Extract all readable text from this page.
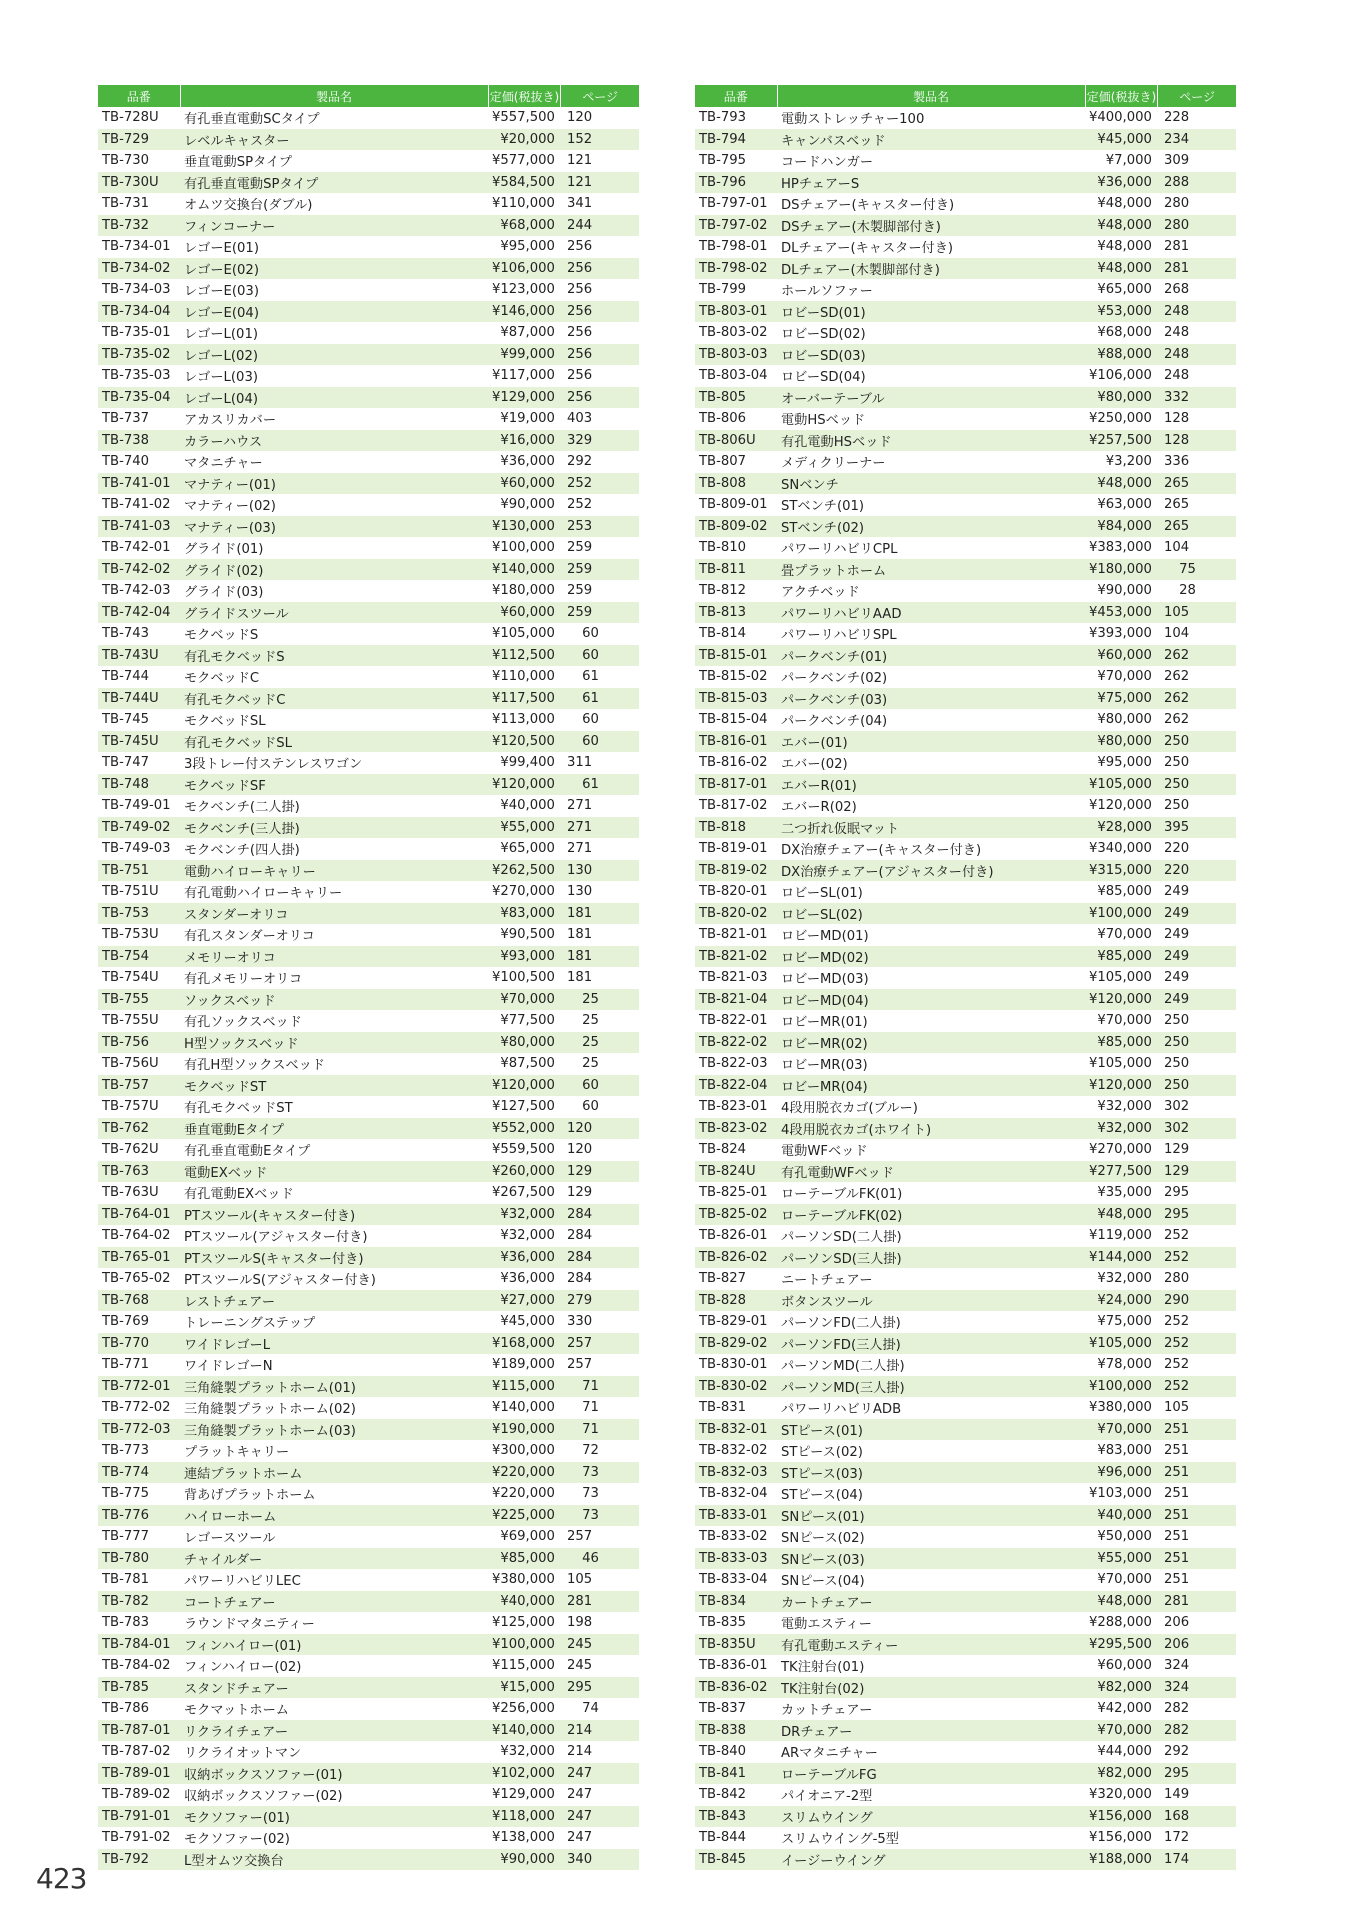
品番	製品名	定価(税抜き)	ページ
TB-728U	有孔垂直電動SCタイプ	¥557,500	120
TB-729	レベルキャスター	¥20,000	152
TB-730	垂直電動SPタイプ	¥577,000	121
TB-730U	有孔垂直電動SPタイプ	¥584,500	121
TB-731	オムツ交換台(ダブル)	¥110,000	341
TB-732	フィンコーナー	¥68,000	244
TB-734-01	レゴーE(01)	¥95,000	256
TB-734-02	レゴーE(02)	¥106,000	256
TB-734-03	レゴーE(03)	¥123,000	256
TB-734-04	レゴーE(04)	¥146,000	256
TB-735-01	レゴーL(01)	¥87,000	256
TB-735-02	レゴーL(02)	¥99,000	256
TB-735-03	レゴーL(03)	¥117,000	256
TB-735-04	レゴーL(04)	¥129,000	256
TB-737	アカスリカバー	¥19,000	403
TB-738	カラーハウス	¥16,000	329
TB-740	マタニチャー	¥36,000	292
TB-741-01	マナティー(01)	¥60,000	252
TB-741-02	マナティー(02)	¥90,000	252
TB-741-03	マナティー(03)	¥130,000	253
TB-742-01	グライド(01)	¥100,000	259
TB-742-02	グライド(02)	¥140,000	259
TB-742-03	グライド(03)	¥180,000	259
TB-742-04	グライドスツール	¥60,000	259
TB-743	モクベッドS	¥105,000	60
TB-743U	有孔モクベッドS	¥112,500	60
TB-744	モクベッドC	¥110,000	61
TB-744U	有孔モクベッドC	¥117,500	61
TB-745	モクベッドSL	¥113,000	60
TB-745U	有孔モクベッドSL	¥120,500	60
TB-747	3段トレー付ステンレスワゴン	¥99,400	311
TB-748	モクベッドSF	¥120,000	61
TB-749-01	モクベンチ(二人掛)	¥40,000	271
TB-749-02	モクベンチ(三人掛)	¥55,000	271
TB-749-03	モクベンチ(四人掛)	¥65,000	271
TB-751	電動ハイローキャリー	¥262,500	130
TB-751U	有孔電動ハイローキャリー	¥270,000	130
TB-753	スタンダーオリコ	¥83,000	181
TB-753U	有孔スタンダーオリコ	¥90,500	181
TB-754	メモリーオリコ	¥93,000	181
TB-754U	有孔メモリーオリコ	¥100,500	181
TB-755	ソックスベッド	¥70,000	25
TB-755U	有孔ソックスベッド	¥77,500	25
TB-756	H型ソックスベッド	¥80,000	25
TB-756U	有孔H型ソックスベッド	¥87,500	25
TB-757	モクベッドST	¥120,000	60
TB-757U	有孔モクベッドST	¥127,500	60
TB-762	垂直電動Eタイプ	¥552,000	120
TB-762U	有孔垂直電動Eタイプ	¥559,500	120
TB-763	電動EXベッド	¥260,000	129
TB-763U	有孔電動EXベッド	¥267,500	129
TB-764-01	PTスツール(キャスター付き)	¥32,000	284
TB-764-02	PTスツール(アジャスター付き)	¥32,000	284
TB-765-01	PTスツールS(キャスター付き)	¥36,000	284
TB-765-02	PTスツールS(アジャスター付き)	¥36,000	284
TB-768	レストチェアー	¥27,000	279
TB-769	トレーニングステップ	¥45,000	330
TB-770	ワイドレゴーL	¥168,000	257
TB-771	ワイドレゴーN	¥189,000	257
TB-772-01	三角縫製プラットホーム(01)	¥115,000	71
TB-772-02	三角縫製プラットホーム(02)	¥140,000	71
TB-772-03	三角縫製プラットホーム(03)	¥190,000	71
TB-773	プラットキャリー	¥300,000	72
TB-774	連結プラットホーム	¥220,000	73
TB-775	背あげプラットホーム	¥220,000	73
TB-776	ハイローホーム	¥225,000	73
TB-777	レゴースツール	¥69,000	257
TB-780	チャイルダー	¥85,000	46
TB-781	パワーリハビリLEC	¥380,000	105
TB-782	コートチェアー	¥40,000	281
TB-783	ラウンドマタニティー	¥125,000	198
TB-784-01	フィンハイロー(01)	¥100,000	245
TB-784-02	フィンハイロー(02)	¥115,000	245
TB-785	スタンドチェアー	¥15,000	295
TB-786	モクマットホーム	¥256,000	74
TB-787-01	リクライチェアー	¥140,000	214
TB-787-02	リクライオットマン	¥32,000	214
TB-789-01	収納ボックスソファー(01)	¥102,000	247
TB-789-02	収納ボックスソファー(02)	¥129,000	247
TB-791-01	モクソファー(01)	¥118,000	247
TB-791-02	モクソファー(02)	¥138,000	247
TB-792	L型オムツ交換台	¥90,000	340
品番	製品名	定価(税抜き)	ページ
TB-793	電動ストレッチャー100	¥400,000	228
TB-794	キャンバスベッド	¥45,000	234
TB-795	コードハンガー	¥7,000	309
TB-796	HPチェアーS	¥36,000	288
TB-797-01	DSチェアー(キャスター付き)	¥48,000	280
TB-797-02	DSチェアー(木製脚部付き)	¥48,000	280
TB-798-01	DLチェアー(キャスター付き)	¥48,000	281
TB-798-02	DLチェアー(木製脚部付き)	¥48,000	281
TB-799	ホールソファー	¥65,000	268
TB-803-01	ロビーSD(01)	¥53,000	248
TB-803-02	ロビーSD(02)	¥68,000	248
TB-803-03	ロビーSD(03)	¥88,000	248
TB-803-04	ロビーSD(04)	¥106,000	248
TB-805	オーバーテーブル	¥80,000	332
TB-806	電動HSベッド	¥250,000	128
TB-806U	有孔電動HSベッド	¥257,500	128
TB-807	メディクリーナー	¥3,200	336
TB-808	SNベンチ	¥48,000	265
TB-809-01	STベンチ(01)	¥63,000	265
TB-809-02	STベンチ(02)	¥84,000	265
TB-810	パワーリハビリCPL	¥383,000	104
TB-811	畳プラットホーム	¥180,000	75
TB-812	アクチベッド	¥90,000	28
TB-813	パワーリハビリAAD	¥453,000	105
TB-814	パワーリハビリSPL	¥393,000	104
TB-815-01	パークベンチ(01)	¥60,000	262
TB-815-02	パークベンチ(02)	¥70,000	262
TB-815-03	パークベンチ(03)	¥75,000	262
TB-815-04	パークベンチ(04)	¥80,000	262
TB-816-01	エバー(01)	¥80,000	250
TB-816-02	エバー(02)	¥95,000	250
TB-817-01	エバーR(01)	¥105,000	250
TB-817-02	エバーR(02)	¥120,000	250
TB-818	二つ折れ仮眠マット	¥28,000	395
TB-819-01	DX治療チェアー(キャスター付き)	¥340,000	220
TB-819-02	DX治療チェアー(アジャスター付き)	¥315,000	220
TB-820-01	ロビーSL(01)	¥85,000	249
TB-820-02	ロビーSL(02)	¥100,000	249
TB-821-01	ロビーMD(01)	¥70,000	249
TB-821-02	ロビーMD(02)	¥85,000	249
TB-821-03	ロビーMD(03)	¥105,000	249
TB-821-04	ロビーMD(04)	¥120,000	249
TB-822-01	ロビーMR(01)	¥70,000	250
TB-822-02	ロビーMR(02)	¥85,000	250
TB-822-03	ロビーMR(03)	¥105,000	250
TB-822-04	ロビーMR(04)	¥120,000	250
TB-823-01	4段用脱衣カゴ(ブルー)	¥32,000	302
TB-823-02	4段用脱衣カゴ(ホワイト)	¥32,000	302
TB-824	電動WFベッド	¥270,000	129
TB-824U	有孔電動WFベッド	¥277,500	129
TB-825-01	ローテーブルFK(01)	¥35,000	295
TB-825-02	ローテーブルFK(02)	¥48,000	295
TB-826-01	パーソンSD(二人掛)	¥119,000	252
TB-826-02	パーソンSD(三人掛)	¥144,000	252
TB-827	ニートチェアー	¥32,000	280
TB-828	ボタンスツール	¥24,000	290
TB-829-01	パーソンFD(二人掛)	¥75,000	252
TB-829-02	パーソンFD(三人掛)	¥105,000	252
TB-830-01	パーソンMD(二人掛)	¥78,000	252
TB-830-02	パーソンMD(三人掛)	¥100,000	252
TB-831	パワーリハビリADB	¥380,000	105
TB-832-01	STピース(01)	¥70,000	251
TB-832-02	STピース(02)	¥83,000	251
TB-832-03	STピース(03)	¥96,000	251
TB-832-04	STピース(04)	¥103,000	251
TB-833-01	SNピース(01)	¥40,000	251
TB-833-02	SNピース(02)	¥50,000	251
TB-833-03	SNピース(03)	¥55,000	251
TB-833-04	SNピース(04)	¥70,000	251
TB-834	カートチェアー	¥48,000	281
TB-835	電動エスティー	¥288,000	206
TB-835U	有孔電動エスティー	¥295,500	206
TB-836-01	TK注射台(01)	¥60,000	324
TB-836-02	TK注射台(02)	¥82,000	324
TB-837	カットチェアー	¥42,000	282
TB-838	DRチェアー	¥70,000	282
TB-840	ARマタニチャー	¥44,000	292
TB-841	ローテーブルFG	¥82,000	295
TB-842	パイオニア-2型	¥320,000	149
TB-843	スリムウイング	¥156,000	168
TB-844	スリムウイング-5型	¥156,000	172
TB-845	イージーウイング	¥188,000	174
423
